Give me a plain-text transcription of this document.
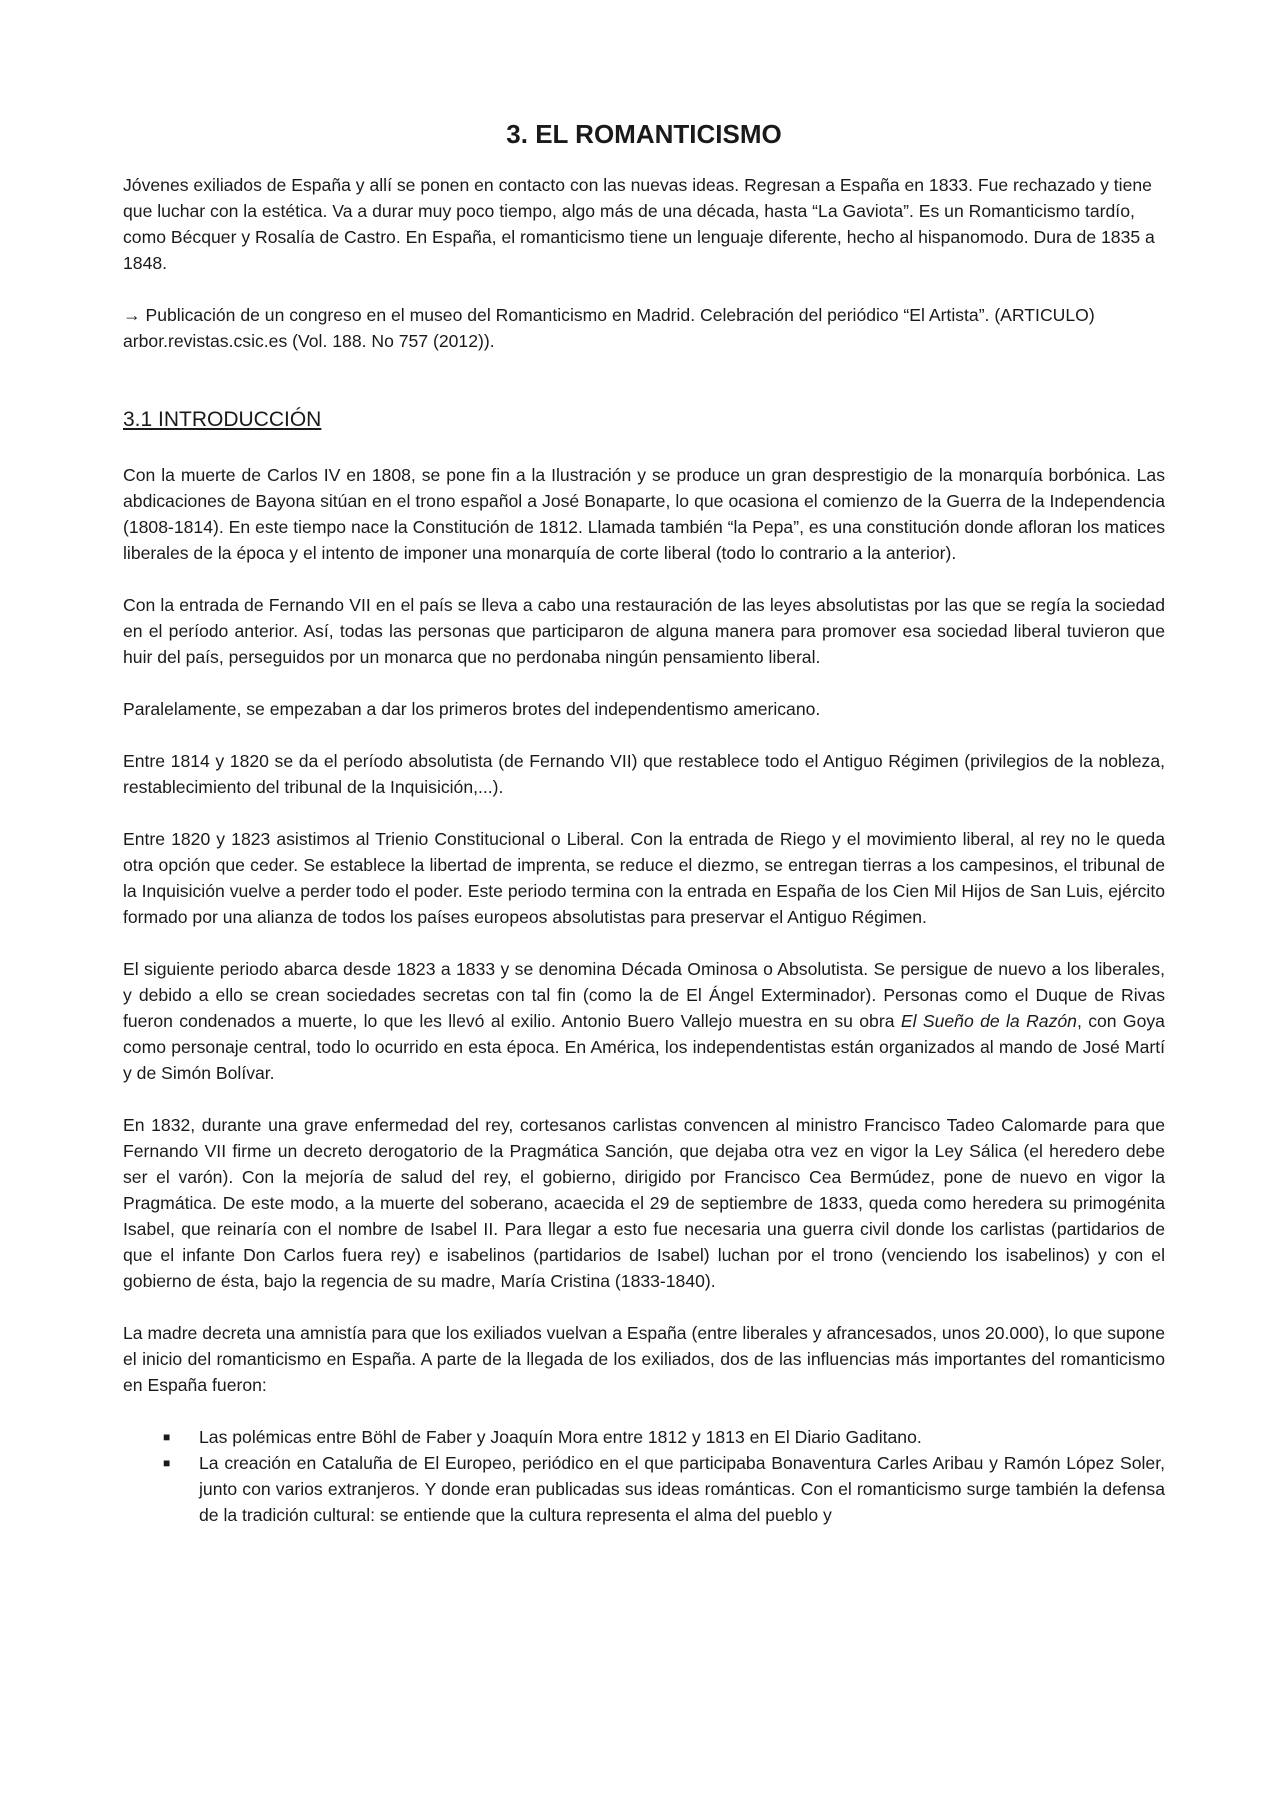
3. EL ROMANTICISMO

Jóvenes exiliados de España y allí se ponen en contacto con las nuevas ideas. Regresan a España en 1833. Fue rechazado y tiene que luchar con la estética. Va a durar muy poco tiempo, algo más de una década, hasta “La Gaviota”. Es un Romanticismo tardío, como Bécquer y Rosalía de Castro. En España, el romanticismo tiene un lenguaje diferente, hecho al hispanomodo. Dura de 1835 a 1848.

→ Publicación de un congreso en el museo del Romanticismo en Madrid. Celebración del periódico “El Artista”. (ARTICULO) arbor.revistas.csic.es (Vol. 188. No 757 (2012)).

3.1 INTRODUCCIÓN

Con la muerte de Carlos IV en 1808, se pone fin a la Ilustración y se produce un gran desprestigio de la monarquía borbónica. Las abdicaciones de Bayona sitúan en el trono español a José Bonaparte, lo que ocasiona el comienzo de la Guerra de la Independencia (1808-1814). En este tiempo nace la Constitución de 1812. Llamada también “la Pepa”, es una constitución donde afloran los matices liberales de la época y el intento de imponer una monarquía de corte liberal (todo lo contrario a la anterior).

Con la entrada de Fernando VII en el país se lleva a cabo una restauración de las leyes absolutistas por las que se regía la sociedad en el período anterior. Así, todas las personas que participaron de alguna manera para promover esa sociedad liberal tuvieron que huir del país, perseguidos por un monarca que no perdonaba ningún pensamiento liberal.

Paralelamente, se empezaban a dar los primeros brotes del independentismo americano.

Entre 1814 y 1820 se da el período absolutista (de Fernando VII) que restablece todo el Antiguo Régimen (privilegios de la nobleza, restablecimiento del tribunal de la Inquisición,...).

Entre 1820 y 1823 asistimos al Trienio Constitucional o Liberal. Con la entrada de Riego y el movimiento liberal, al rey no le queda otra opción que ceder. Se establece la libertad de imprenta, se reduce el diezmo, se entregan tierras a los campesinos, el tribunal de la Inquisición vuelve a perder todo el poder. Este periodo termina con la entrada en España de los Cien Mil Hijos de San Luis, ejército formado por una alianza de todos los países europeos absolutistas para preservar el Antiguo Régimen.

El siguiente periodo abarca desde 1823 a 1833 y se denomina Década Ominosa o Absolutista. Se persigue de nuevo a los liberales, y debido a ello se crean sociedades secretas con tal fin (como la de El Ángel Exterminador). Personas como el Duque de Rivas fueron condenados a muerte, lo que les llevó al exilio. Antonio Buero Vallejo muestra en su obra El Sueño de la Razón, con Goya como personaje central, todo lo ocurrido en esta época. En América, los independentistas están organizados al mando de José Martí y de Simón Bolívar.

En 1832, durante una grave enfermedad del rey, cortesanos carlistas convencen al ministro Francisco Tadeo Calomarde para que Fernando VII firme un decreto derogatorio de la Pragmática Sanción, que dejaba otra vez en vigor la Ley Sálica (el heredero debe ser el varón). Con la mejoría de salud del rey, el gobierno, dirigido por Francisco Cea Bermúdez, pone de nuevo en vigor la Pragmática. De este modo, a la muerte del soberano, acaecida el 29 de septiembre de 1833, queda como heredera su primogénita Isabel, que reinaría con el nombre de Isabel II. Para llegar a esto fue necesaria una guerra civil donde los carlistas (partidarios de que el infante Don Carlos fuera rey) e isabelinos (partidarios de Isabel) luchan por el trono (venciendo los isabelinos) y con el gobierno de ésta, bajo la regencia de su madre, María Cristina (1833-1840).

La madre decreta una amnistía para que los exiliados vuelvan a España (entre liberales y afrancesados, unos 20.000), lo que supone el inicio del romanticismo en España. A parte de la llegada de los exiliados, dos de las influencias más importantes del romanticismo en España fueron:

■ Las polémicas entre Böhl de Faber y Joaquín Mora entre 1812 y 1813 en El Diario Gaditano.
■ La creación en Cataluña de El Europeo, periódico en el que participaba Bonaventura Carles Aribau y Ramón López Soler, junto con varios extranjeros. Y donde eran publicadas sus ideas románticas. Con el romanticismo surge también la defensa de la tradición cultural: se entiende que la cultura representa el alma del pueblo y
